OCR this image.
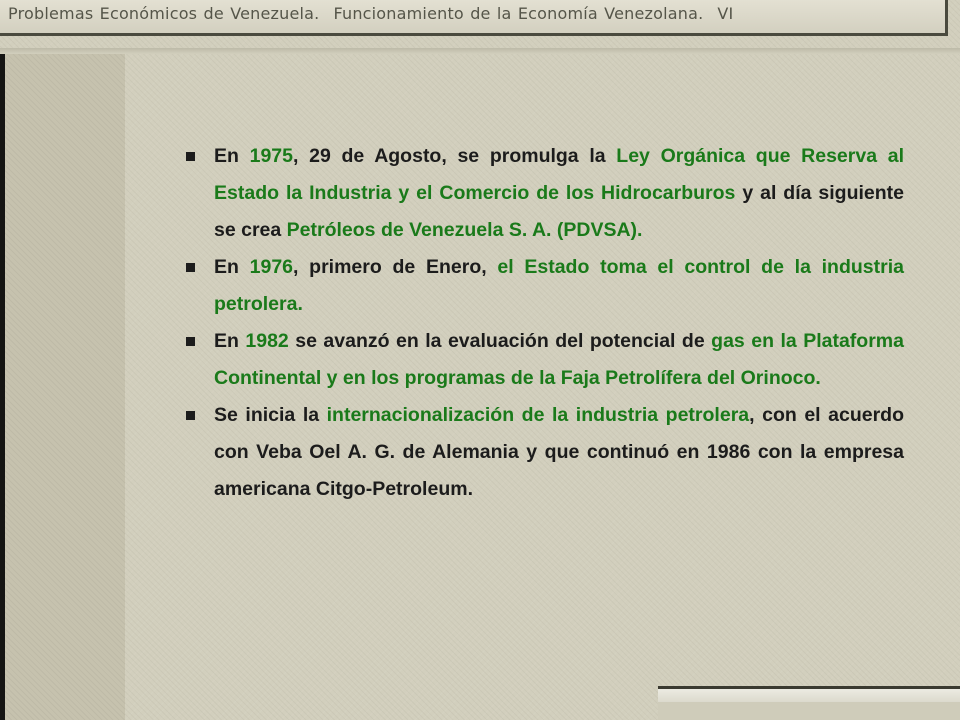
Problemas Económicos de Venezuela. Funcionamiento de la Economía Venezolana. VI
En 1975, 29 de Agosto, se promulga la Ley Orgánica que Reserva al Estado la Industria y el Comercio de los Hidrocarburos y al día siguiente se crea Petróleos de Venezuela S. A. (PDVSA).
En 1976, primero de Enero, el Estado toma el control de la industria petrolera.
En 1982 se avanzó en la evaluación del potencial de gas en la Plataforma Continental y en los programas de la Faja Petrolífera del Orinoco.
Se inicia la internacionalización de la industria petrolera, con el acuerdo con Veba Oel A. G. de Alemania y que continuó en 1986 con la empresa americana Citgo-Petroleum.
